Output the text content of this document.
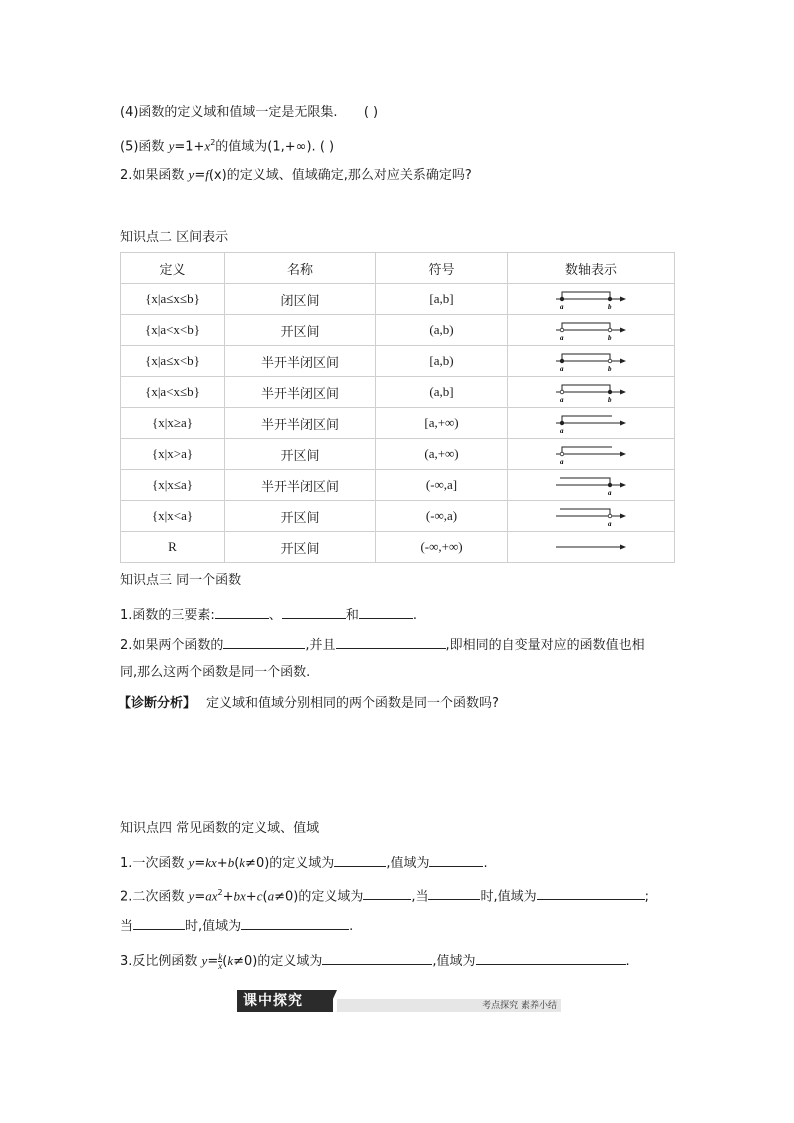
(4)函数的定义域和值域一定是无限集. ( )
(5)函数 $y=1+x^2$的值域为(1,+∞). ( )
2.如果函数 y=f(x)的定义域、值域确定,那么对应关系确定吗?
知识点二 区间表示
定义	名称	符号	数轴表示
{x|a≤x≤b}	闭区间	[a,b]	a b

{x|a<x<b}	开区间	(a,b)	a b

{x|a≤x<b}	半开半闭区间	[a,b)	a b

{x|a<x≤b}	半开半闭区间	(a,b]	a b

{x|x≥a}	半开半闭区间	[a,+∞)	a

{x|x>a}	开区间	(a,+∞)	a

{x|x≤a}	半开半闭区间	(-∞,a]	a

{x|x<a}	开区间	(-∞,a)	a

R	开区间	(-∞,+∞)	
知识点三 同一个函数
1.函数的三要素:	、	和	.
2.如果两个函数的	,并且	,即相同的自变量对应的函数值也相
同,那么这两个函数是同一个函数.
【诊断分析】 定义域和值域分别相同的两个函数是同一个函数吗?
知识点四 常见函数的定义域、值域
1.一次函数 y=kx+b(k≠0)的定义域为	,值域为	.
2.二次函数 $y=ax^2+bx+c(a\ne 0)$的定义域为	,当	时,值域为	;
当	时,值域为	.
3.反比例函数 $y= \frac{k}{x} (k\ne 0)$的定义域为	,值域为	.
课中探究	考点探究 素养小结
